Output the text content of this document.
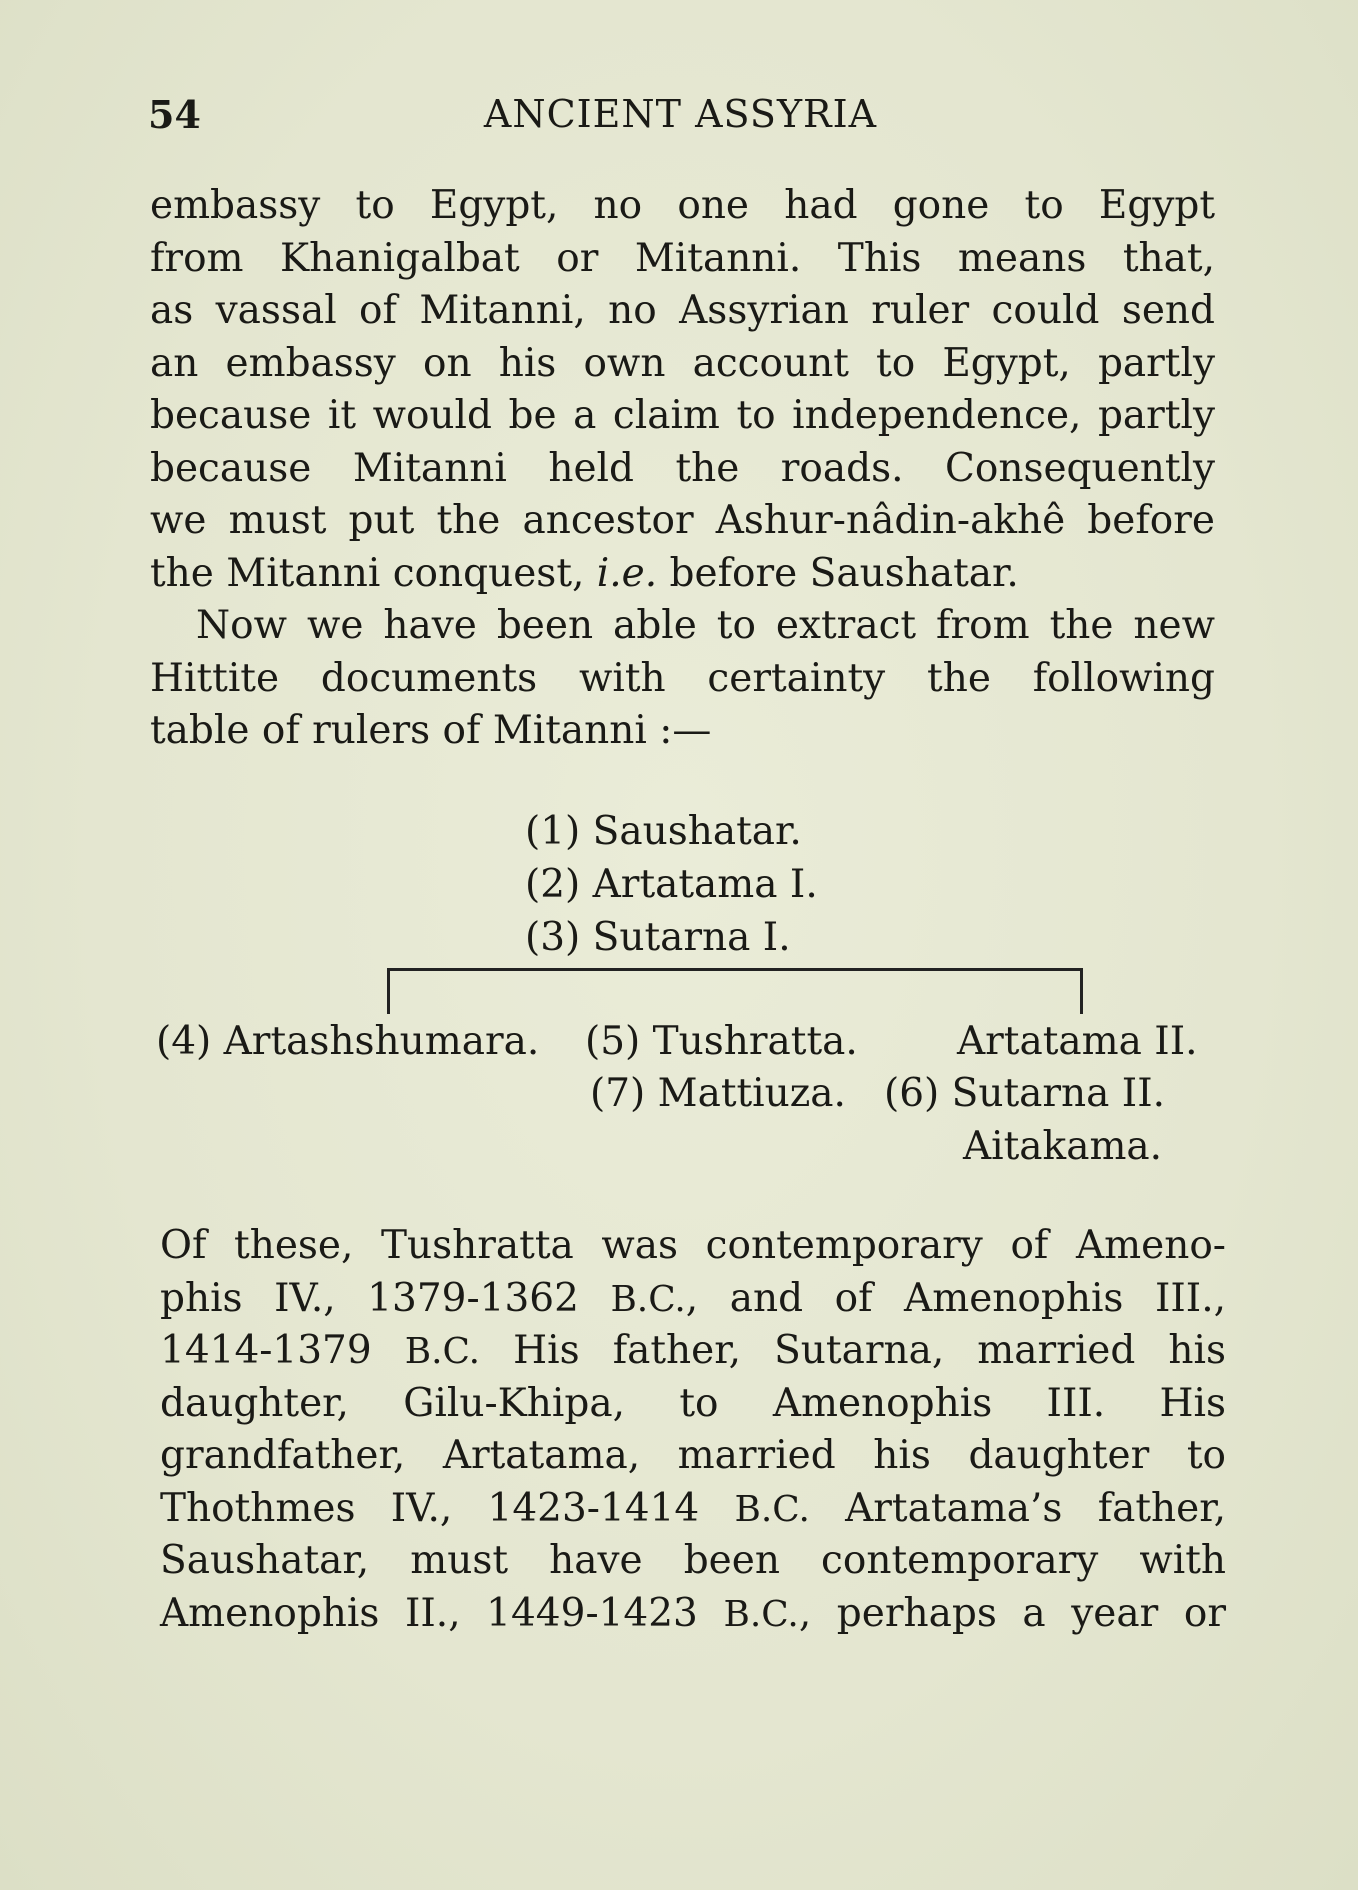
54	ANCIENT ASSYRIA
embassy to Egypt, no one had gone to Egypt
from Khanigalbat or Mitanni. This means that,
as vassal of Mitanni, no Assyrian ruler could send
an embassy on his own account to Egypt, partly
because it would be a claim to independence, partly
because Mitanni held the roads. Consequently
we must put the ancestor Ashur-nâdin-akhê before
the Mitanni conquest, i.e. before Saushatar.
Now we have been able to extract from the new
Hittite documents with certainty the following
table of rulers of Mitanni :—
(1) Saushatar.
(2) Artatama I.
(3) Sutarna I.
(4) Artashshumara. (5) Tushratta.	Artatama II.
(7) Mattiuza. (6) Sutarna II.
Aitakama.
Of these, Tushratta was contemporary of Ameno-
phis IV., 1379-1362 B.C., and of Amenophis III.,
1414-1379 B.C. His father, Sutarna, married his
daughter, Gilu-Khipa, to Amenophis III. His
grandfather, Artatama, married his daughter to
Thothmes IV., 1423-1414 B.C. Artatama’s father,
Saushatar, must have been contemporary with
Amenophis II., 1449-1423 B.C., perhaps a year or
